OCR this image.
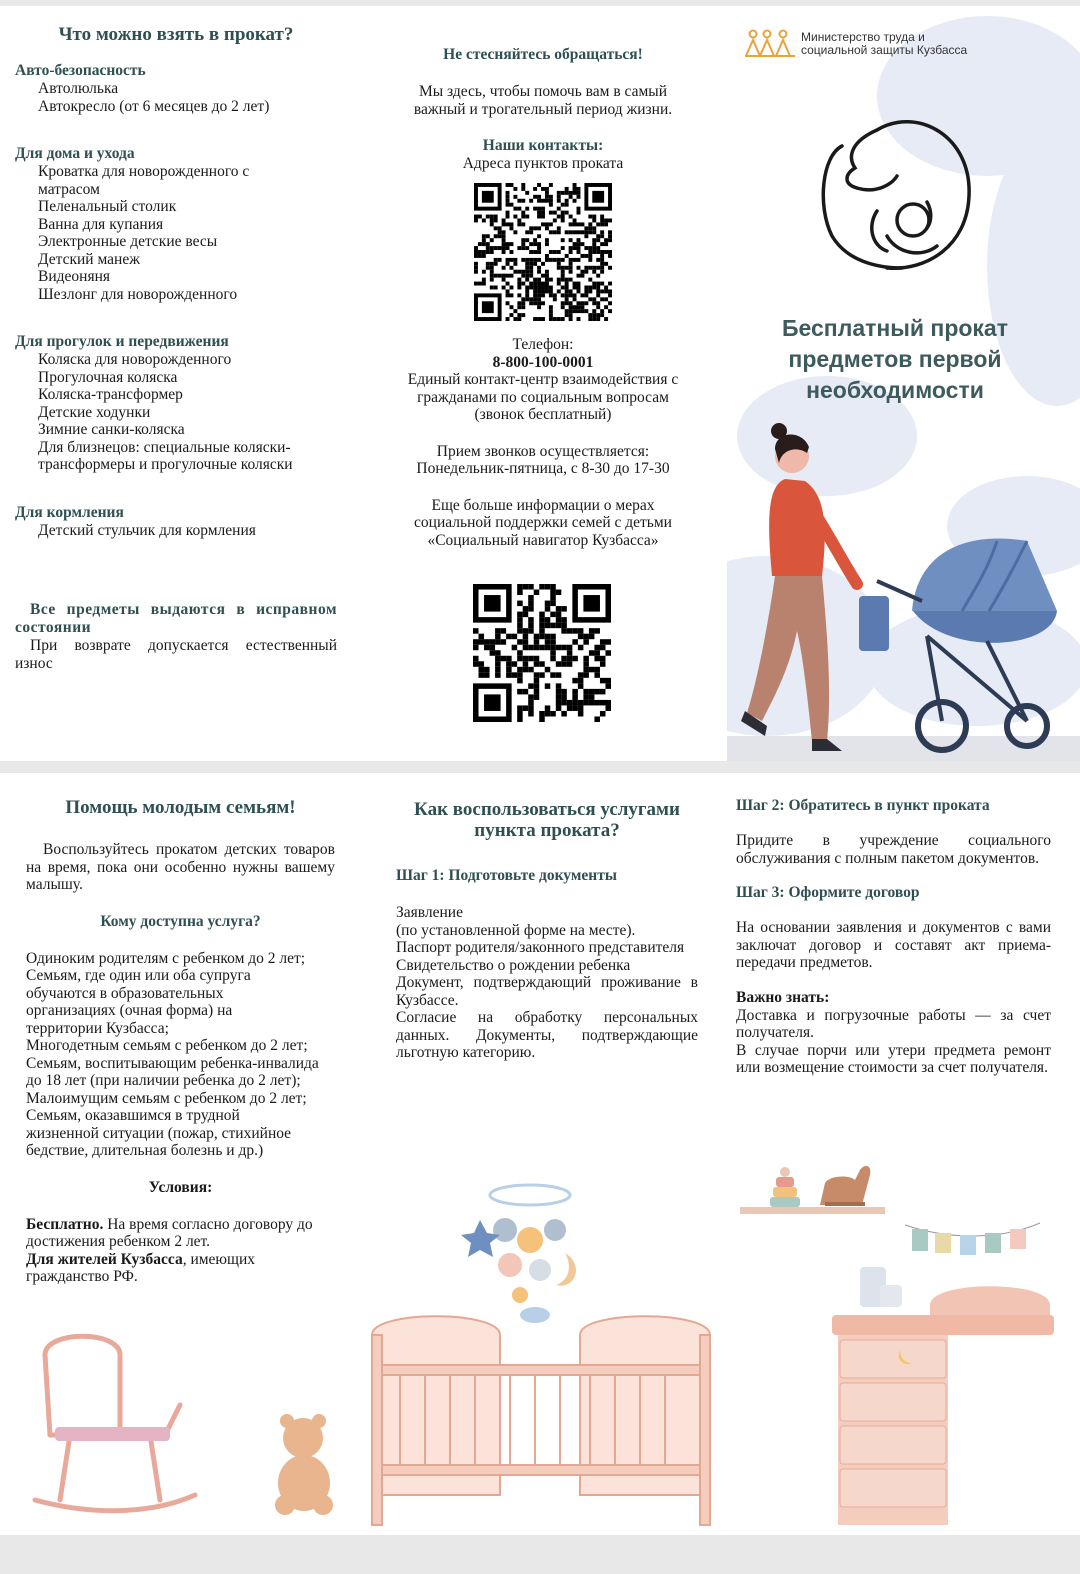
Что можно взять в прокат?

Авто-безопасность

Автолюлька

Автокресло (от 6 месяцев до 2 лет)

Для дома и ухода

Кроватка для новорожденного с матрасом

Пеленальный столик

Ванна для купания

Электронные детские весы

Детский манеж

Видеоняня

Шезлонг для новорожденного

Для прогулок и передвижения

Коляска для новорожденного

Прогулочная коляска

Коляска-трансформер

Детские ходунки

Зимние санки-коляска

Для близнецов: специальные коляски-трансформеры и прогулочные коляски

Для кормления

Детский стульчик для кормления

Все предметы выдаются в исправном состоянии

При возврате допускается естественный износ

Не стесняйтесь обращаться!

Мы здесь, чтобы помочь вам в самый важный и трогательный период жизни.

Наши контакты:

Адреса пунктов проката

Телефон:

8-800-100-0001

Единый контакт-центр взаимодействия с гражданами по социальным вопросам (звонок бесплатный)

Прием звонков осуществляется:

Понедельник-пятница, с 8-30 до 17-30

Еще больше информации о мерах социальной поддержки семей с детьми «Социальный навигатор Кузбасса»

Министерство труда и социальной защиты Кузбасса
Бесплатный прокат предметов первой необходимости

Помощь молодым семьям!

Воспользуйтесь прокатом детских товаров на время, пока они особенно нужны вашему малышу.

Кому доступна услуга?

Одиноким родителям с ребенком до 2 лет;

Семьям, где один или оба супруга обучаются в образовательных организациях (очная форма) на территории Кузбасса;

Многодетным семьям с ребенком до 2 лет;

Семьям, воспитывающим ребенка-инвалида до 18 лет (при наличии ребенка до 2 лет);

Малоимущим семьям с ребенком до 2 лет;

Семьям, оказавшимся в трудной жизненной ситуации (пожар, стихийное бедствие, длительная болезнь и др.)

Условия:

Бесплатно. На время согласно договору до достижения ребенком 2 лет.

Для жителей Кузбасса, имеющих гражданство РФ.

Как воспользоваться услугами пункта проката?

Шаг 1: Подготовьте документы

Заявление

(по установленной форме на месте).

Паспорт родителя/законного представителя

Свидетельство о рождении ребенка

Документ, подтверждающий проживание в Кузбассе.

Согласие на обработку персональных данных. Документы, подтверждающие льготную категорию.

Шаг 2: Обратитесь в пункт проката

Придите в учреждение социального обслуживания с полным пакетом документов.

Шаг 3: Оформите договор

На основании заявления и документов с вами заключат договор и составят акт приема-передачи предметов.

Важно знать:

Доставка и погрузочные работы — за счет получателя.

В случае порчи или утери предмета ремонт или возмещение стоимости за счет получателя.
